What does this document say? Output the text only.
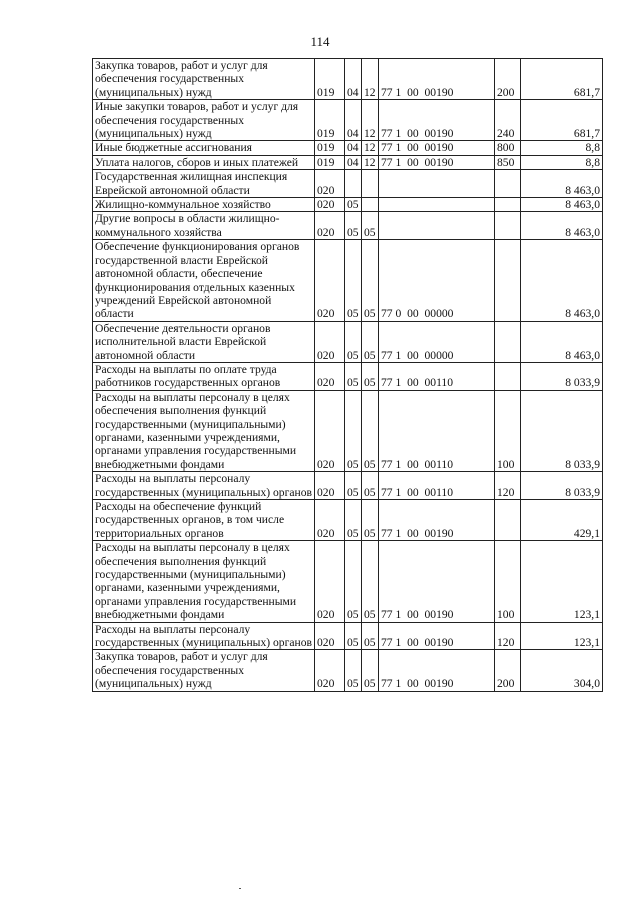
114
Закупка товаров, работ и услуг для обеспечения государственных (муниципальных) нужд	019	04	12	77 1  00  00190	200	681,7
Иные закупки товаров, работ и услуг для обеспечения государственных (муниципальных) нужд	019	04	12	77 1  00  00190	240	681,7
Иные бюджетные ассигнования	019	04	12	77 1  00  00190	800	8,8
Уплата налогов, сборов и иных платежей	019	04	12	77 1  00  00190	850	8,8
Государственная жилищная инспекция Еврейской автономной области	020					8 463,0
Жилищно-коммунальное хозяйство	020	05				8 463,0
Другие вопросы в области жилищно-коммунального хозяйства	020	05	05			8 463,0
Обеспечение функционирования органов государственной власти Еврейской автономной области, обеспечение функционирования отдельных казенных учреждений Еврейской автономной области	020	05	05	77 0  00  00000		8 463,0
Обеспечение деятельности органов исполнительной власти Еврейской автономной области	020	05	05	77 1  00  00000		8 463,0
Расходы на выплаты по оплате труда работников государственных органов	020	05	05	77 1  00  00110		8 033,9
Расходы на выплаты персоналу в целях обеспечения выполнения функций государственными (муниципальными) органами, казенными учреждениями, органами управления государственными внебюджетными фондами	020	05	05	77 1  00  00110	100	8 033,9
Расходы на выплаты персоналу государственных (муниципальных) органов	020	05	05	77 1  00  00110	120	8 033,9
Расходы на обеспечение функций государственных органов, в том числе территориальных органов	020	05	05	77 1  00  00190		429,1
Расходы на выплаты персоналу в целях обеспечения выполнения функций государственными (муниципальными) органами, казенными учреждениями, органами управления государственными внебюджетными фондами	020	05	05	77 1  00  00190	100	123,1
Расходы на выплаты персоналу государственных (муниципальных) органов	020	05	05	77 1  00  00190	120	123,1
Закупка товаров, работ и услуг для обеспечения государственных (муниципальных) нужд	020	05	05	77 1  00  00190	200	304,0
